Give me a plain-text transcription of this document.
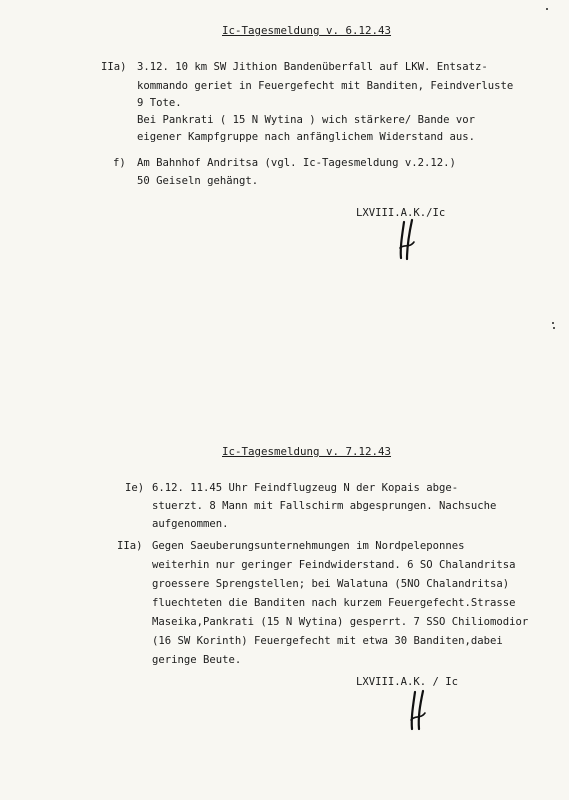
Ic-Tagesmeldung v. 6.12.43
IIa) 3.12. 10 km SW Jithion Bandenüberfall auf LKW. Entsatz-
kommando geriet in Feuergefecht mit Banditen, Feindverluste
9 Tote.
Bei Pankrati ( 15 N Wytina ) wich stärkere/ Bande vor
eigener Kampfgruppe nach anfänglichem Widerstand aus.
f) Am Bahnhof Andritsa (vgl. Ic-Tagesmeldung v.2.12.)
50 Geiseln gehängt.
LXVIII.A.K./Ic
Ic-Tagesmeldung v. 7.12.43
Ie) 6.12. 11.45 Uhr Feindflugzeug N der Kopais abge-
stuerzt. 8 Mann mit Fallschirm abgesprungen. Nachsuche
aufgenommen.
IIa) Gegen Saeuberungsunternehmungen im Nordpeleponnes
weiterhin nur geringer Feindwiderstand. 6 SO Chalandritsa
groessere Sprengstellen; bei Walatuna (5NO Chalandritsa)
fluechteten die Banditen nach kurzem Feuergefecht.Strasse
Maseika,Pankrati (15 N Wytina) gesperrt. 7 SSO Chiliomodior
(16 SW Korinth) Feuergefecht mit etwa 30 Banditen,dabei
geringe Beute.
LXVIII.A.K. / Ic
